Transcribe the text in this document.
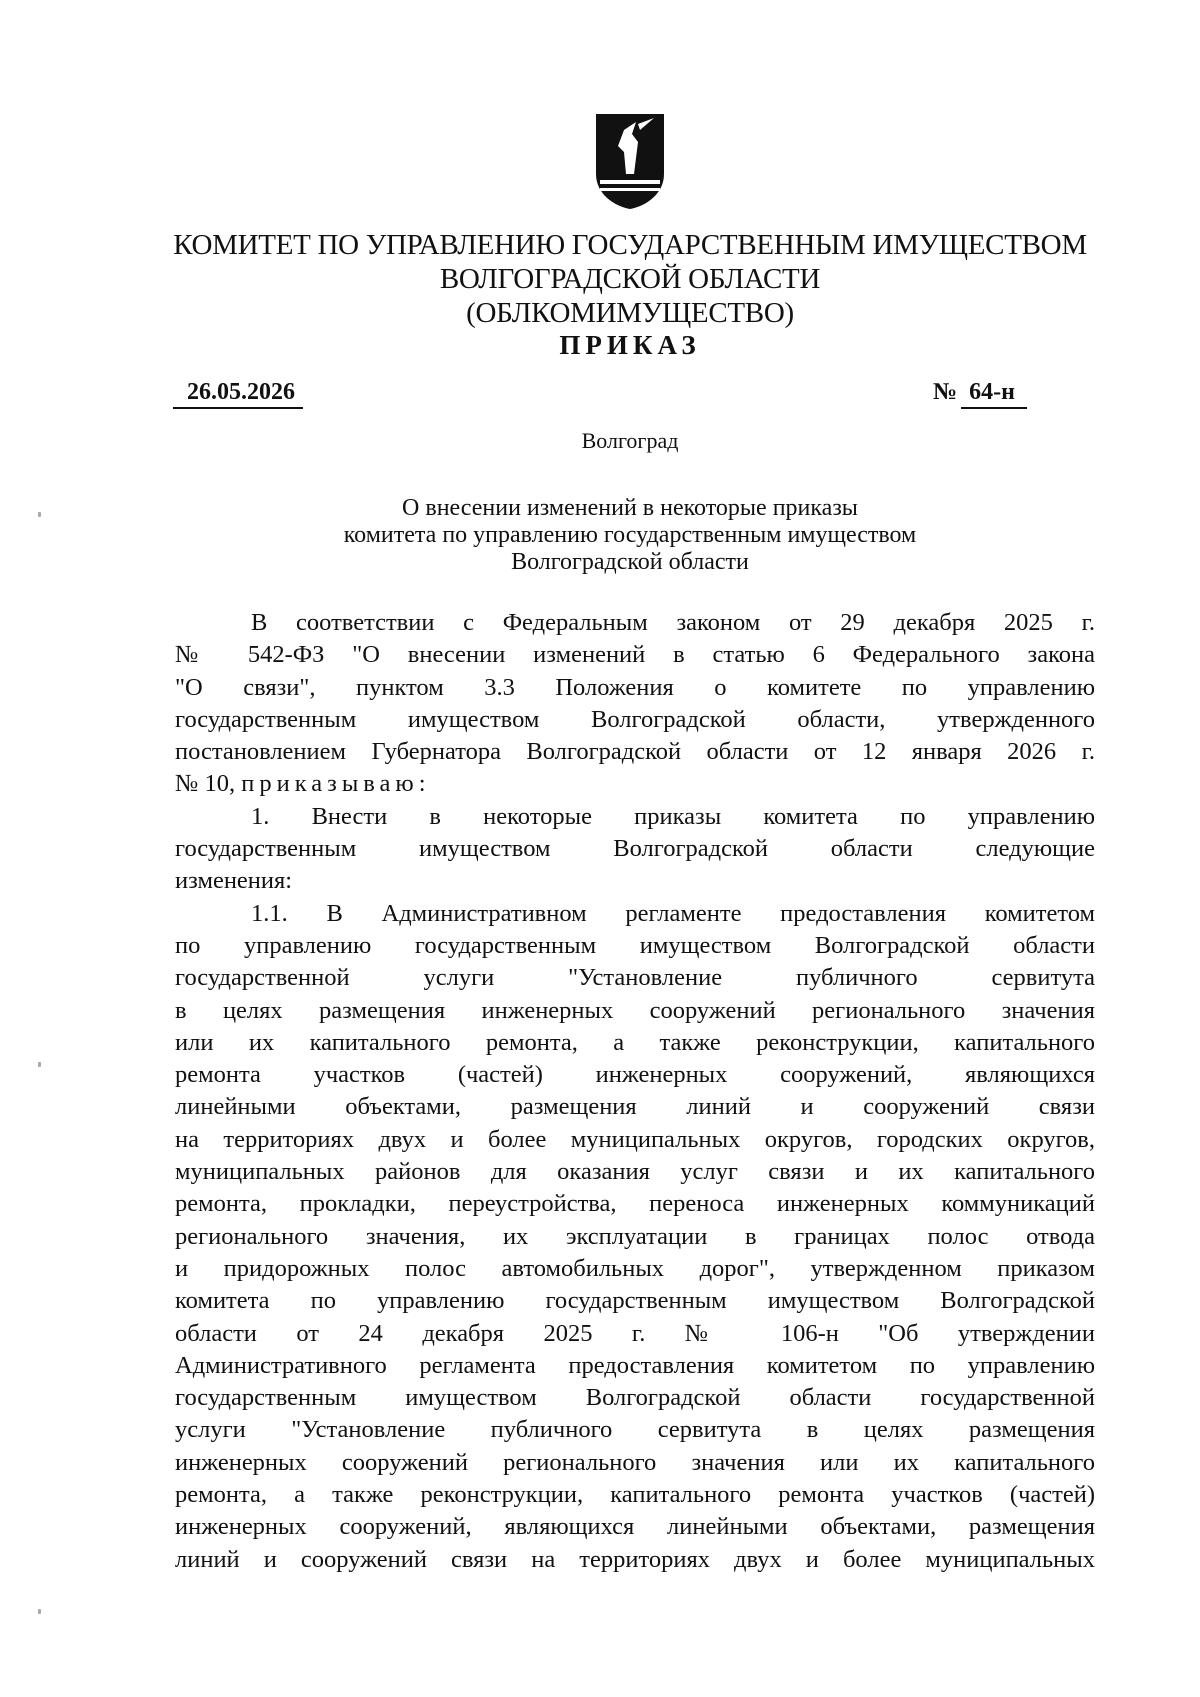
КОМИТЕТ ПО УПРАВЛЕНИЮ ГОСУДАРСТВЕННЫМ ИМУЩЕСТВОМ
ВОЛГОГРАДСКОЙ ОБЛАСТИ
(ОБЛКОМИМУЩЕСТВО)
ПРИКАЗ
26.05.2026	№ 64-н
Волгоград
О внесении изменений в некоторые приказы
комитета по управлению государственным имуществом
Волгоградской области
В соответствии с Федеральным законом от 29 декабря 2025 г.
№ 542-ФЗ "О внесении изменений в статью 6 Федерального закона
"О связи", пунктом 3.3 Положения о комитете по управлению
государственным имуществом Волгоградской области, утвержденного
постановлением Губернатора Волгоградской области от 12 января 2026 г.
№ 10, приказываю:
1. Внести в некоторые приказы комитета по управлению
государственным имуществом Волгоградской области следующие
изменения:
1.1. В Административном регламенте предоставления комитетом
по управлению государственным имуществом Волгоградской области
государственной услуги "Установление публичного сервитута
в целях размещения инженерных сооружений регионального значения
или их капитального ремонта, а также реконструкции, капитального
ремонта участков (частей) инженерных сооружений, являющихся
линейными объектами, размещения линий и сооружений связи
на территориях двух и более муниципальных округов, городских округов,
муниципальных районов для оказания услуг связи и их капитального
ремонта, прокладки, переустройства, переноса инженерных коммуникаций
регионального значения, их эксплуатации в границах полос отвода
и придорожных полос автомобильных дорог", утвержденном приказом
комитета по управлению государственным имуществом Волгоградской
области от 24 декабря 2025 г. № 106-н "Об утверждении
Административного регламента предоставления комитетом по управлению
государственным имуществом Волгоградской области государственной
услуги "Установление публичного сервитута в целях размещения
инженерных сооружений регионального значения или их капитального
ремонта, а также реконструкции, капитального ремонта участков (частей)
инженерных сооружений, являющихся линейными объектами, размещения
линий и сооружений связи на территориях двух и более муниципальных
